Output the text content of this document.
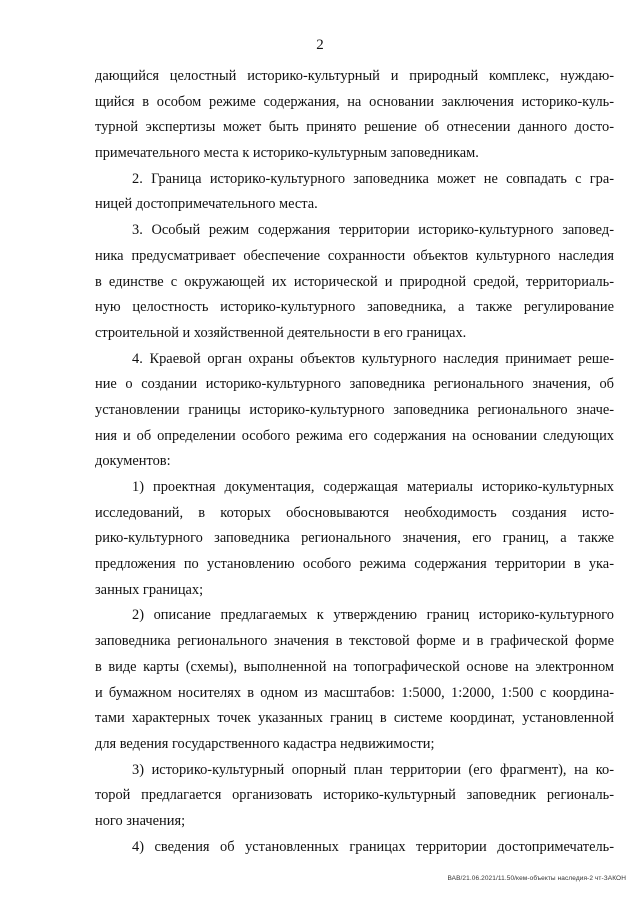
2
дающийся целостный историко-культурный и природный комплекс, нуждаю-
щийся в особом режиме содержания, на основании заключения историко-куль-
турной экспертизы может быть принято решение об отнесении данного досто-
примечательного места к историко-культурным заповедникам.
2. Граница историко-культурного заповедника может не совпадать с гра-
ницей достопримечательного места.
3. Особый режим содержания территории историко-культурного заповед-
ника предусматривает обеспечение сохранности объектов культурного наследия
в единстве с окружающей их исторической и природной средой, территориаль-
ную целостность историко-культурного заповедника, а также регулирование
строительной и хозяйственной деятельности в его границах.
4. Краевой орган охраны объектов культурного наследия принимает реше-
ние о создании историко-культурного заповедника регионального значения, об
установлении границы историко-культурного заповедника регионального значе-
ния и об определении особого режима его содержания на основании следующих
документов:
1) проектная документация, содержащая материалы историко-культурных
исследований, в которых обосновываются необходимость создания исто-
рико-культурного заповедника регионального значения, его границ, а также
предложения по установлению особого режима содержания территории в ука-
занных границах;
2) описание предлагаемых к утверждению границ историко-культурного
заповедника регионального значения в текстовой форме и в графической форме
в виде карты (схемы), выполненной на топографической основе на электронном
и бумажном носителях в одном из масштабов: 1:5000, 1:2000, 1:500 с координа-
тами характерных точек указанных границ в системе координат, установленной
для ведения государственного кадастра недвижимости;
3) историко-культурный опорный план территории (его фрагмент), на ко-
торой предлагается организовать историко-культурный заповедник региональ-
ного значения;
4) сведения об установленных границах территории достопримечатель-
ВАВ/21.06.2021/11.50/кем-объекты наследия-2 чт-ЗАКОН
